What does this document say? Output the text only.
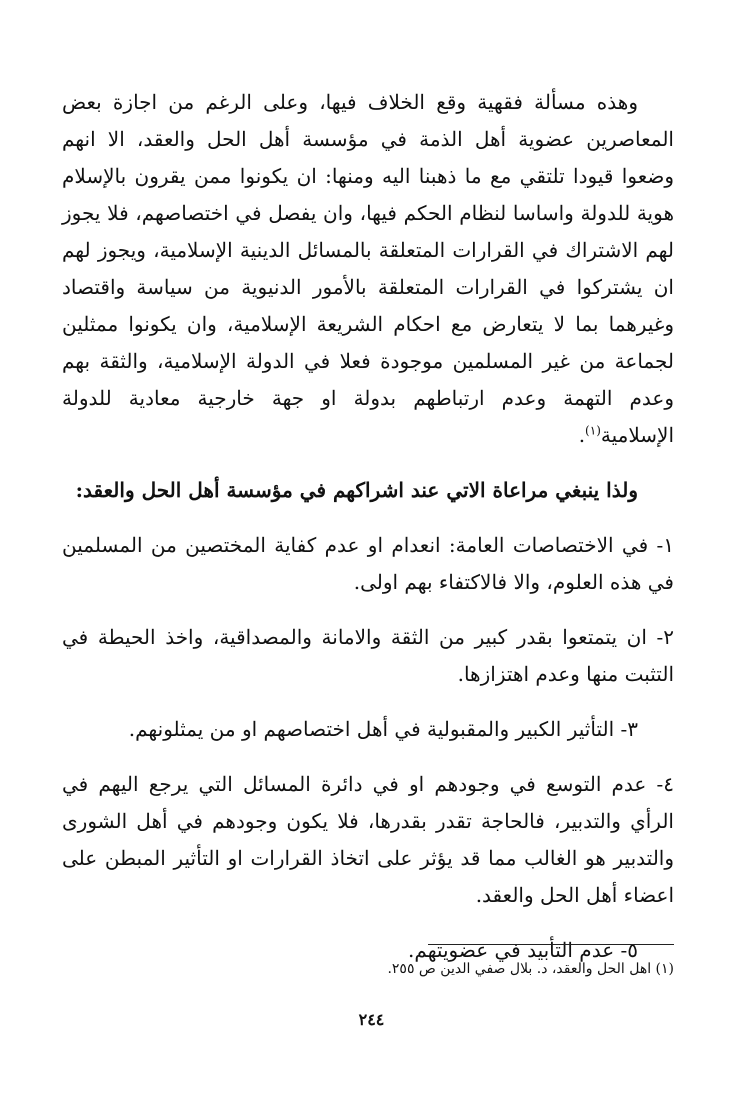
وهذه مسألة فقهية وقع الخلاف فيها، وعلى الرغم من اجازة بعض المعاصرين عضوية أهل الذمة في مؤسسة أهل الحل والعقد، الا انهم وضعوا قيودا تلتقي مع ما ذهبنا اليه ومنها: ان يكونوا ممن يقرون بالإسلام هوية للدولة واساسا لنظام الحكم فيها، وان يفصل في اختصاصهم، فلا يجوز لهم الاشتراك في القرارات المتعلقة بالمسائل الدينية الإسلامية، ويجوز لهم ان يشتركوا في القرارات المتعلقة بالأمور الدنيوية من سياسة واقتصاد وغيرهما بما لا يتعارض مع احكام الشريعة الإسلامية، وان يكونوا ممثلين لجماعة من غير المسلمين موجودة فعلا في الدولة الإسلامية، والثقة بهم وعدم التهمة وعدم ارتباطهم بدولة او جهة خارجية معادية للدولة الإسلامية$^{(١)}$.

ولذا ينبغي مراعاة الاتي عند اشراكهم في مؤسسة أهل الحل والعقد:

١- في الاختصاصات العامة: انعدام او عدم كفاية المختصين من المسلمين في هذه العلوم، والا فالاكتفاء بهم اولى.

٢- ان يتمتعوا بقدر كبير من الثقة والامانة والمصداقية، واخذ الحيطة في التثبت منها وعدم اهتزازها.

٣- التأثير الكبير والمقبولية في أهل اختصاصهم او من يمثلونهم.

٤- عدم التوسع في وجودهم او في دائرة المسائل التي يرجع اليهم في الرأي والتدبير، فالحاجة تقدر بقدرها، فلا يكون وجودهم في أهل الشورى والتدبير هو الغالب مما قد يؤثر على اتخاذ القرارات او التأثير المبطن على اعضاء أهل الحل والعقد.

٥- عدم التأبيد في عضويتهم.

(١) اهل الحل والعقد، د. بلال صفي الدين ص ٢٥٥.
٢٤٤
